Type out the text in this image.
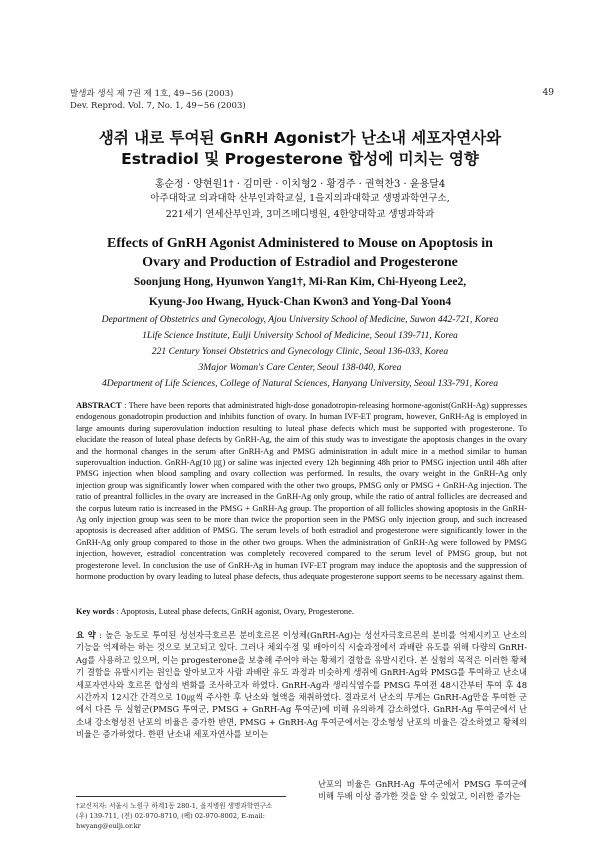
발생과 생식 제 7권 제 1호, 49∼56 (2003)
Dev. Reprod. Vol. 7, No. 1, 49∼56 (2003)
49
생쥐 내로 투여된 GnRH Agonist가 난소내 세포자연사와
Estradiol 및 Progesterone 합성에 미치는 영향
홍순정 · 양현원1† · 김미란 · 이치형2 · 황경주 · 권혁찬3 · 윤용달4
아주대학교 의과대학 산부인과학교실, 1을지의과대학교 생명과학연구소,
221세기 연세산부인과, 3미즈메디병원, 4한양대학교 생명과학과
Effects of GnRH Agonist Administered to Mouse on Apoptosis in
Ovary and Production of Estradiol and Progesterone
Soonjung Hong, Hyunwon Yang1†, Mi-Ran Kim, Chi-Hyeong Lee2,
Kyung-Joo Hwang, Hyuck-Chan Kwon3 and Yong-Dal Yoon4
Department of Obstetrics and Gynecology, Ajou University School of Medicine, Suwon 442-721, Korea
1Life Science Institute, Eulji University School of Medicine, Seoul 139-711, Korea
221 Century Yonsei Obstetrics and Gynecology Clinic, Seoul 136-033, Korea
3Major Woman's Care Center, Seoul 138-040, Korea
4Department of Life Sciences, College of Natural Sciences, Hanyang University, Seoul 133-791, Korea
ABSTRACT : There have been reports that administrated high-dose gonadotropin-releasing hormone-agonist(GnRH-Ag) suppresses endogenous gonadotropin production and inhibits function of ovary. In human IVF-ET program, however, GnRH-Ag is employed in large amounts during superovulation induction resulting to luteal phase defects which must be supported with progesterone. To elucidate the reason of luteal phase defects by GnRH-Ag, the aim of this study was to investigate the apoptosis changes in the ovary and the hormonal changes in the serum after GnRH-Ag and PMSG administration in adult mice in a method similar to human superovualtion induction. GnRH-Ag(10 ㎍) or saline was injected every 12h beginning 48h prior to PMSG injection until 48h after PMSG injection when blood sampling and ovary collection was performed. In results, the ovary weight in the GnRH-Ag only injection group was significantly lower when compared with the other two groups, PMSG only or PMSG + GnRH-Ag injection. The ratio of preantral follicles in the ovary are increased in the GnRH-Ag only group, while the ratio of antral follicles are decreased and the corpus luteum ratio is increased in the PMSG + GnRH-Ag group. The proportion of all follicles showing apoptosis in the GnRH-Ag only injection group was seen to be more than twice the proportion seen in the PMSG only injection group, and such increased apoptosis is decreased after addition of PMSG. The serum levels of both estradiol and progesterone were significantly lower in the GnRH-Ag only group compared to those in the other two groups. When the administration of GnRH-Ag were followed by PMSG injection, however, estradiol concentration was completely recovered compared to the serum level of PMSG group, but not progesterone level. In conclusion the use of GnRH-Ag in human IVF-ET program may induce the apoptosis and the suppression of hormone production by ovary leading to luteal phase defects, thus adequate progesterone support seems to be necessary against them.
Key words : Apoptosis, Luteal phase defects, GnRH agonist, Ovary, Progesterone.
요 약 : 높은 농도로 투여된 성선자극호르몬 분비호르몬 이성체(GnRH-Ag)는 성선자극호르몬의 분비를 억제시키고 난소의 기능을 억제하는 하는 것으로 보고되고 있다. 그러나 체외수정 및 배아이식 시술과정에서 과배란 유도를 위해 다량의 GnRH-Ag를 사용하고 있으며, 이는 progesterone을 보충해 주어야 하는 황체기 결함을 유발시킨다. 본 실험의 목적은 이러한 황체기 결함을 유발시키는 원인을 알아보고자 사람 과배란 유도 과정과 비슷하게 생쥐에 GnRH-Ag와 PMSG를 투여하고 난소내 세포자연사와 호르몬 합성의 변화를 조사하고자 하였다. GnRH-Ag과 생리식염수를 PMSG 투여전 48시간부터 투여 후 48시간까지 12시간 간격으로 10㎍씩 주사한 후 난소와 혈액을 채취하였다. 결과로서 난소의 무게는 GnRH-Ag만을 투여한 군에서 다른 두 실험군(PMSG 투여군, PMSG + GnRH-Ag 투여군)에 비해 유의하게 감소하였다. GnRH-Ag 투여군에서 난소내 강소형성전 난포의 비율은 증가한 반면, PMSG + GnRH-Ag 투여군에서는 강소형성 난포의 비율은 감소하였고 황체의 비율은 증가하였다. 한편 난소내 세포자연사를 보이는
난포의 비율은 GnRH-Ag 투여군에서 PMSG 투여군에 비해 두배 이상 증가한 것을 알 수 있었고, 이러한 증가는
†교신저자: 서울시 노원구 하계1동 280-1, 을지병원 생명과학연구소
(우) 139-711, (전) 02-970-8710, (팩) 02-970-8002, E-mail: hwyang@eulji.or.kr
